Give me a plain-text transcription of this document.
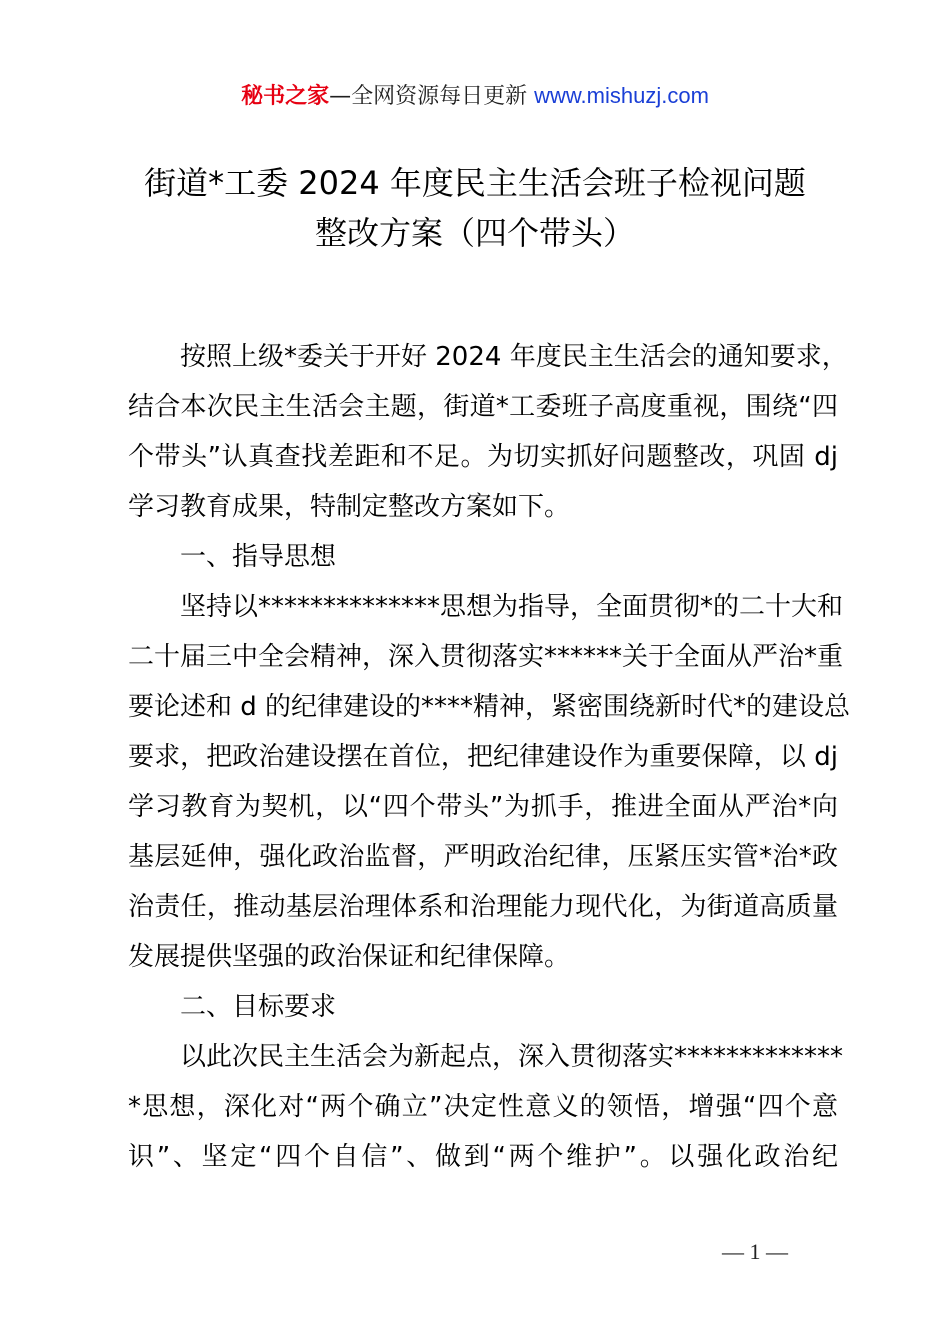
秘书之家—全网资源每日更新 www.mishuzj.com
街道*工委 2024 年度民主生活会班子检视问题
整改方案（四个带头）
按照上级*委关于开好 2024 年度民主生活会的通知要求，
结合本次民主生活会主题，街道*工委班子高度重视，围绕“四
个带头”认真查找差距和不足。为切实抓好问题整改，巩固 dj
学习教育成果，特制定整改方案如下。
一、指导思想
坚持以**************思想为指导，全面贯彻*的二十大和
二十届三中全会精神，深入贯彻落实******关于全面从严治*重
要论述和 d 的纪律建设的****精神，紧密围绕新时代*的建设总
要求，把政治建设摆在首位，把纪律建设作为重要保障，以 dj
学习教育为契机，以“四个带头”为抓手，推进全面从严治*向
基层延伸，强化政治监督，严明政治纪律，压紧压实管*治*政
治责任，推动基层治理体系和治理能力现代化，为街道高质量
发展提供坚强的政治保证和纪律保障。
二、目标要求
以此次民主生活会为新起点，深入贯彻落实*************
*思想，深化对“两个确立”决定性意义的领悟，增强“四个意
识”、坚定“四个自信”、做到“两个维护”。以强化政治纪
— 1 —
